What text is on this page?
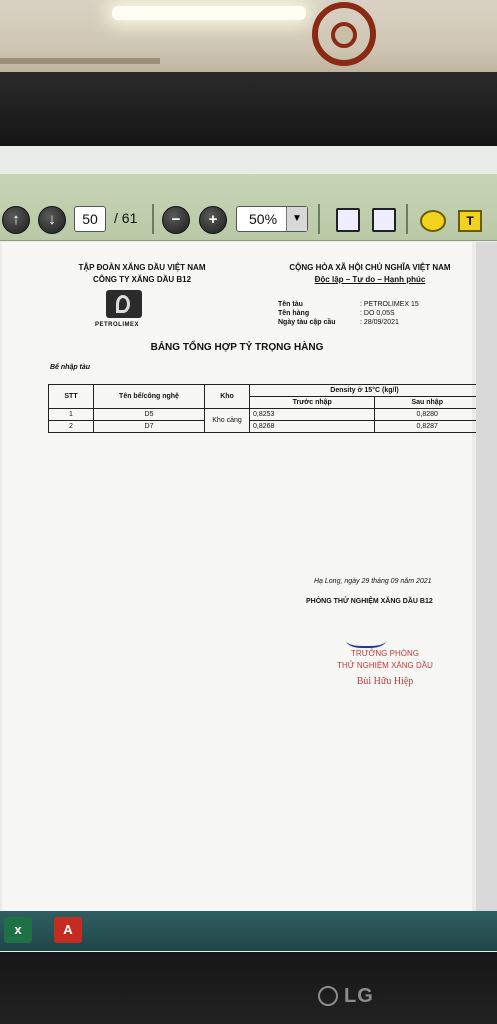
↑	↓	50	/ 61	−	+	50%	▼	T
TẬP ĐOÀN XĂNG DẦU VIỆT NAM
CÔNG TY XĂNG DẦU B12
PETROLIMEX
CỘNG HÒA XÃ HỘI CHỦ NGHĨA VIỆT NAM
Độc lập – Tự do – Hạnh phúc
Tên tàu	: PETROLIMEX 15
Tên hàng	: DO 0,05S
Ngày tàu cập cầu	: 28/09/2021
BẢNG TỔNG HỢP TỶ TRỌNG HÀNG
Bể nhập tàu
STT	Tên bể/công nghệ	Kho	Density ở 15°C (kg/l)	
			Trước nhập	Sau nhập
1	D5	Kho cảng	0,8253	0,8280
2	D7		0,8268	0,8287
Hạ Long, ngày 29 tháng 09 năm 2021
PHÒNG THỬ NGHIỆM XĂNG DẦU B12
TRƯỞNG PHÒNG
THỬ NGHIỆM XĂNG DẦU
Bùi Hữu Hiệp
x	A
LG
